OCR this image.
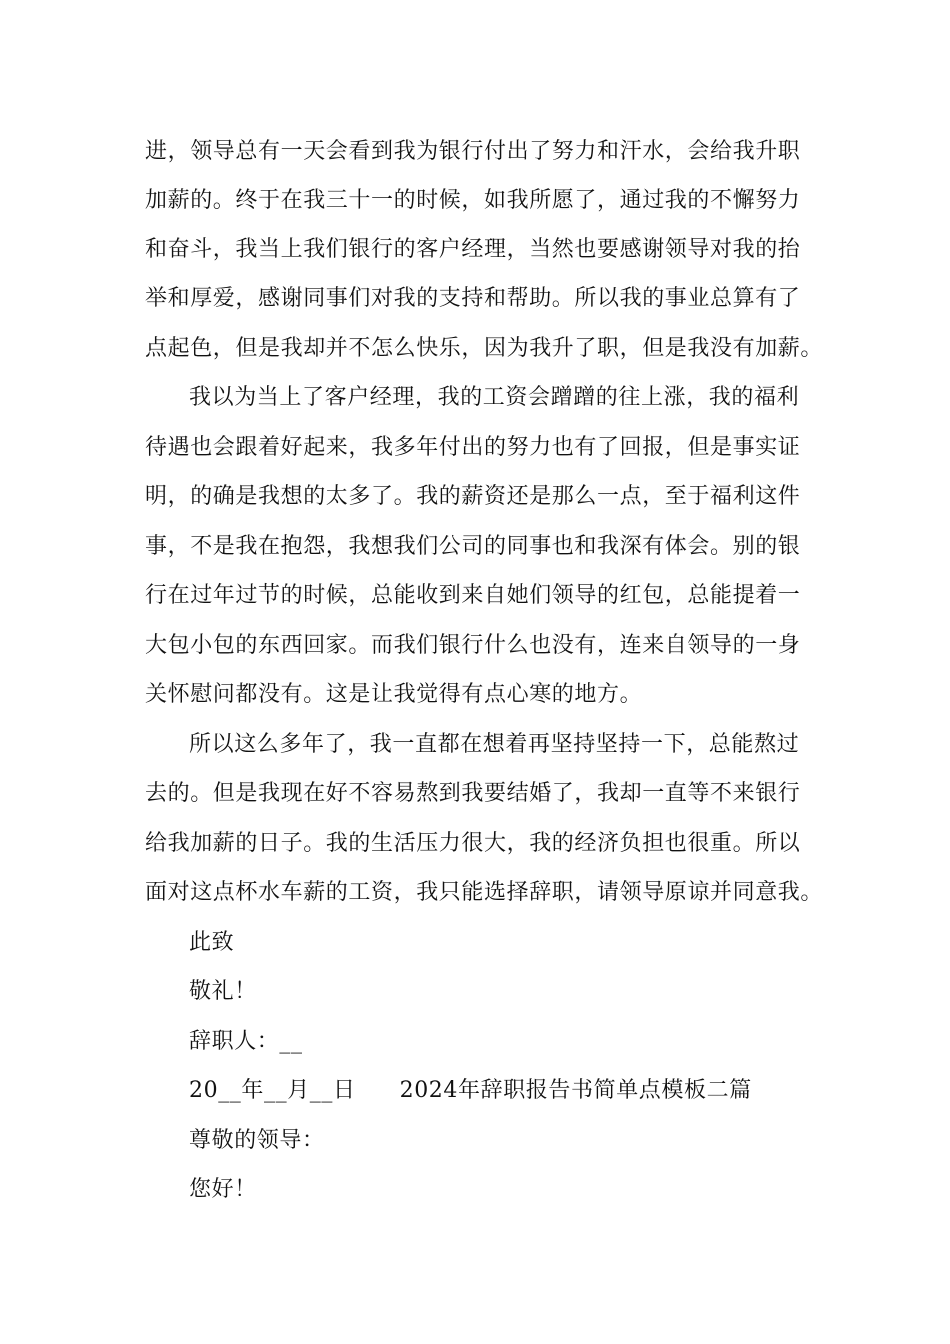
进，领导总有一天会看到我为银行付出了努力和汗水，会给我升职
加薪的。终于在我三十一的时候，如我所愿了，通过我的不懈努力
和奋斗，我当上我们银行的客户经理，当然也要感谢领导对我的抬
举和厚爱，感谢同事们对我的支持和帮助。所以我的事业总算有了
点起色，但是我却并不怎么快乐，因为我升了职，但是我没有加薪。
我以为当上了客户经理，我的工资会蹭蹭的往上涨，我的福利
待遇也会跟着好起来，我多年付出的努力也有了回报，但是事实证
明，的确是我想的太多了。我的薪资还是那么一点，至于福利这件
事，不是我在抱怨，我想我们公司的同事也和我深有体会。别的银
行在过年过节的时候，总能收到来自她们领导的红包，总能提着一
大包小包的东西回家。而我们银行什么也没有，连来自领导的一身
关怀慰问都没有。这是让我觉得有点心寒的地方。
所以这么多年了，我一直都在想着再坚持坚持一下，总能熬过
去的。但是我现在好不容易熬到我要结婚了，我却一直等不来银行
给我加薪的日子。我的生活压力很大，我的经济负担也很重。所以
面对这点杯水车薪的工资，我只能选择辞职，请领导原谅并同意我。
此致
敬礼！
辞职人：__
20__年__月__日 2024年辞职报告书简单点模板二篇
尊敬的领导：
您好！
